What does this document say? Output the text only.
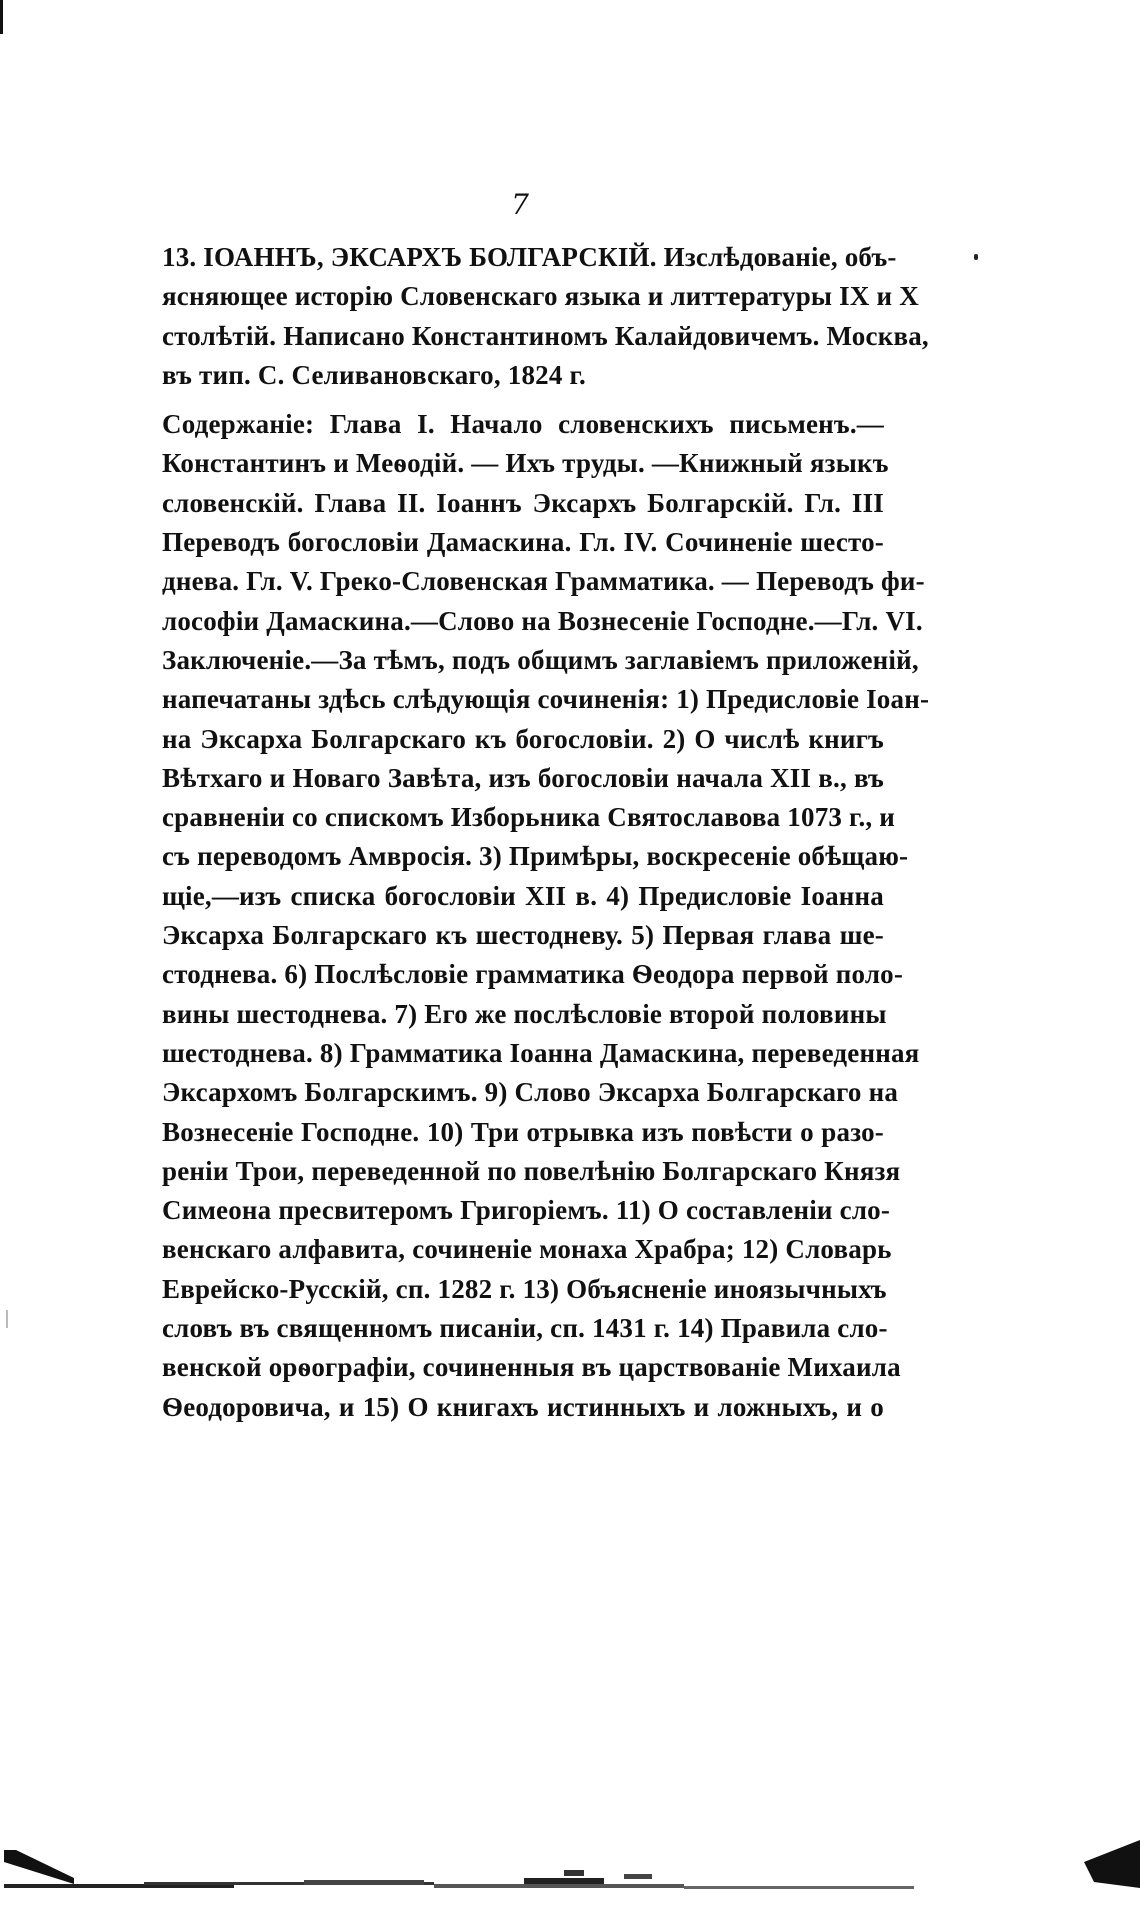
7
13. ІОАННЪ, ЭКСАРХЪ БОЛГАРСКІЙ. Изслѣдованіе, объ-
ясняющее исторію Словенскаго языка и литтературы IX и X
столѣтій. Написано Константиномъ Калайдовичемъ. Москва,
въ тип. С. Селивановскаго, 1824 г.
Содержаніе: Глава I. Начало словенскихъ письменъ.—
Константинъ и Меѳодій. — Ихъ труды. —Книжный языкъ
словенскій. Глава II. Іоаннъ Эксархъ Болгарскій. Гл. III
Переводъ богословіи Дамаскина. Гл. IV. Сочиненіе шесто-
днева. Гл. V. Греко-Словенская Грамматика. — Переводъ фи-
лософіи Дамаскина.—Слово на Вознесеніе Господне.—Гл. VI.
Заключеніе.—За тѣмъ, подъ общимъ заглавіемъ приложеній,
напечатаны здѣсь слѣдующія сочиненія: 1) Предисловіе Іоан-
на Эксарха Болгарскаго къ богословіи. 2) О числѣ книгъ
Вѣтхаго и Новаго Завѣта, изъ богословіи начала XII в., въ
сравненіи со спискомъ Изборьника Святославова 1073 г., и
съ переводомъ Амвросія. 3) Примѣры, воскресеніе обѣщаю-
щіе,—изъ списка богословіи XII в. 4) Предисловіе Іоанна
Эксарха Болгарскаго къ шестодневу. 5) Первая глава ше-
стоднева. 6) Послѣсловіе грамматика Ѳеодора первой поло-
вины шестоднева. 7) Его же послѣсловіе второй половины
шестоднева. 8) Грамматика Іоанна Дамаскина, переведенная
Эксархомъ Болгарскимъ. 9) Слово Эксарха Болгарскаго на
Вознесеніе Господне. 10) Три отрывка изъ повѣсти о разо-
реніи Трои, переведенной по повелѣнію Болгарскаго Князя
Симеона пресвитеромъ Григоріемъ. 11) О составленіи сло-
венскаго алфавита, сочиненіе монаха Храбра; 12) Словарь
Еврейско-Русскій, сп. 1282 г. 13) Объясненіе иноязычныхъ
словъ въ священномъ писаніи, сп. 1431 г. 14) Правила сло-
венской орѳографіи, сочиненныя въ царствованіе Михаила
Ѳеодоровича, и 15) О книгахъ истинныхъ и ложныхъ, и о
